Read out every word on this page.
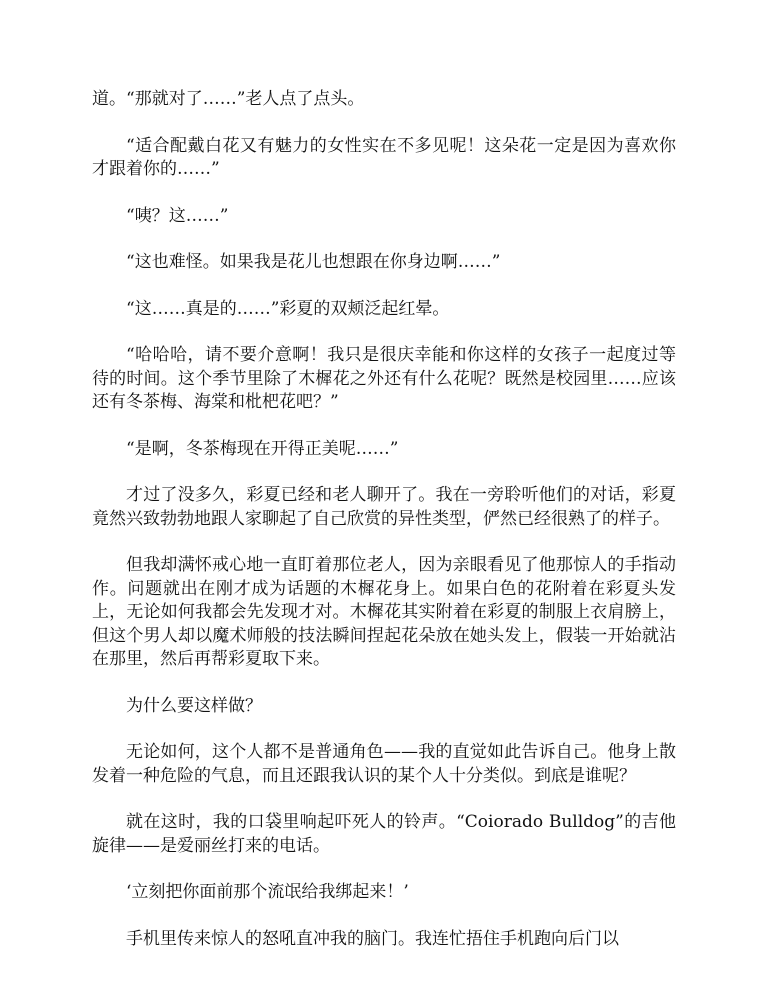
道。“那就对了……”老人点了点头。

“适合配戴白花又有魅力的女性实在不多见呢！这朵花一定是因为喜欢你才跟着你的……”

“咦？这……”

“这也难怪。如果我是花儿也想跟在你身边啊……”

“这……真是的……”彩夏的双颊泛起红晕。

“哈哈哈，请不要介意啊！我只是很庆幸能和你这样的女孩子一起度过等待的时间。这个季节里除了木樨花之外还有什么花呢？既然是校园里……应该还有冬茶梅、海棠和枇杷花吧？”

“是啊，冬茶梅现在开得正美呢……”

才过了没多久，彩夏已经和老人聊开了。我在一旁聆听他们的对话，彩夏竟然兴致勃勃地跟人家聊起了自己欣赏的异性类型，俨然已经很熟了的样子。

但我却满怀戒心地一直盯着那位老人，因为亲眼看见了他那惊人的手指动作。问题就出在刚才成为话题的木樨花身上。如果白色的花附着在彩夏头发上，无论如何我都会先发现才对。木樨花其实附着在彩夏的制服上衣肩膀上，但这个男人却以魔术师般的技法瞬间捏起花朵放在她头发上，假装一开始就沾在那里，然后再帮彩夏取下来。

为什么要这样做？

无论如何，这个人都不是普通角色——我的直觉如此告诉自己。他身上散发着一种危险的气息，而且还跟我认识的某个人十分类似。到底是谁呢？

就在这时，我的口袋里响起吓死人的铃声。“Coiorado Bulldog”的吉他旋律——是爱丽丝打来的电话。

‘立刻把你面前那个流氓给我绑起来！’

手机里传来惊人的怒吼直冲我的脑门。我连忙捂住手机跑向后门以
